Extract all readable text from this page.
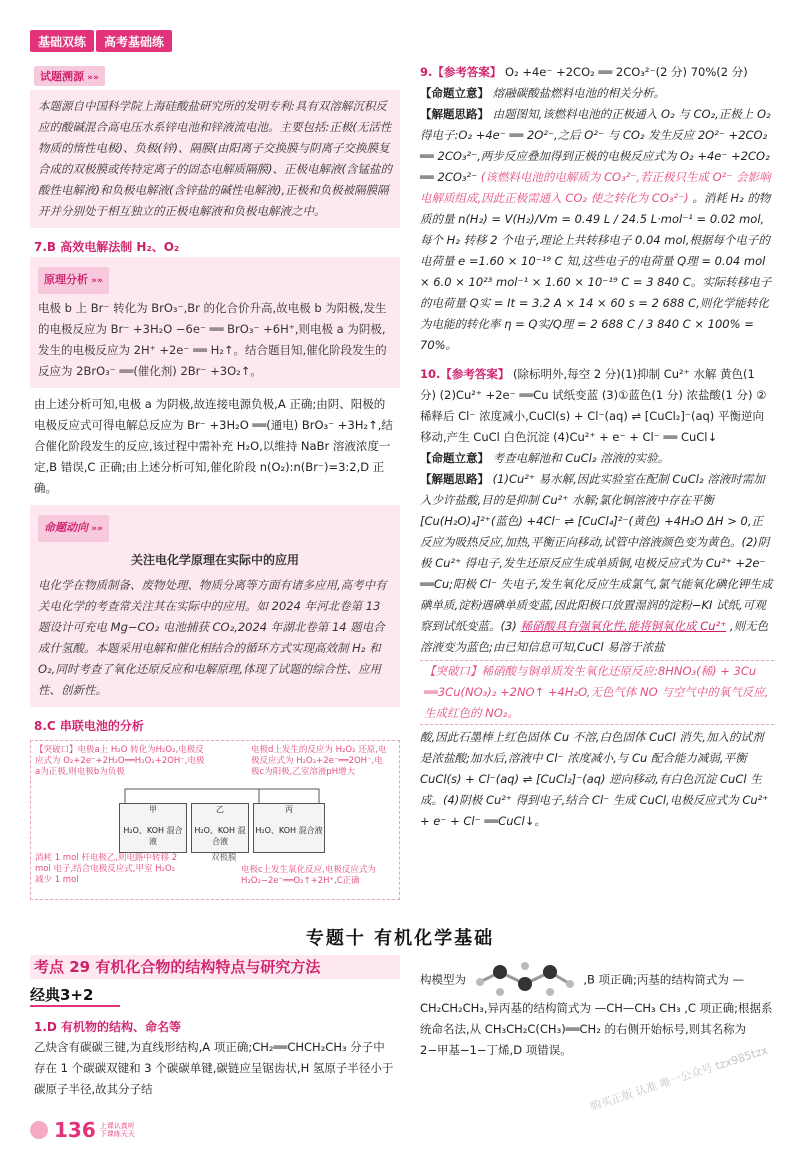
基础双练	高考基础练
试题溯源 »»
本题源自中国科学院上海硅酸盐研究所的发明专利:具有双溶解沉积反应的酸碱混合高电压水系锌电池和锌液流电池。主要包括:正极(无活性物质的惰性电极)、负极(锌)、隔膜(由阳离子交换膜与阴离子交换膜复合成的双极膜或传特定离子的固态电解质隔膜)、正极电解液(含锰盐的酸性电解液)和负极电解液(含锌盐的碱性电解液),正极和负极被隔膜隔开并分别处于相互独立的正极电解液和负极电解液之中。
7.B 高效电解法制 H₂、O₂
原理分析 »»
电极 b 上 Br⁻ 转化为 BrO₃⁻,Br 的化合价升高,故电极 b 为阳极,发生的电极反应为 Br⁻ +3H₂O −6e⁻ ══ BrO₃⁻ +6H⁺,则电极 a 为阴极,发生的电极反应为 2H⁺ +2e⁻ ══ H₂↑。结合题目知,催化阶段发生的反应为 2BrO₃⁻ ══(催化剂) 2Br⁻ +3O₂↑。
由上述分析可知,电极 a 为阴极,故连接电源负极,A 正确;由阴、阳极的电极反应式可得电解总反应为 Br⁻ +3H₂O ══(通电) BrO₃⁻ +3H₂↑,结合催化阶段发生的反应,该过程中需补充 H₂O,以维持 NaBr 溶液浓度一定,B 错误,C 正确;由上述分析可知,催化阶段 n(O₂):n(Br⁻)=3:2,D 正确。
命题动向 »»
关注电化学原理在实际中的应用
电化学在物质制备、废物处理、物质分离等方面有诸多应用,高考中有关电化学的考查常关注其在实际中的应用。如 2024 年河北卷第 13 题设计可充电 Mg−CO₂ 电池捕获 CO₂,2024 年湖北卷第 14 题电合成什氢酸。本题采用电解和催化相结合的循环方式实现高效制 H₂ 和 O₂,同时考查了氧化还原反应和电解原理,体现了试题的综合性、应用性、创新性。
8.C 串联电池的分析
【突破口】电极a上 H₂O 转化为H₂O₂,电极反应式为 O₂+2e⁻+2H₂O══H₂O₂+2OH⁻,电极a为正极,则电极b为负极
电极d上发生的反应为 H₂O₂ 还原,电极反应式为 H₂O₂+2e⁻══2OH⁻,电极c为阳极,乙室溶液pH增大
甲
H₂O、KOH 混合液
乙
H₂O、KOH 混合液
丙
H₂O、KOH 混合液
双极膜
消耗 1 mol 杆电极乙,则电路中转移 2 mol 电子,结合电极反应式,甲室 H₂O₂ 减少 1 mol
电极c上发生氧化反应,电极反应式为 H₂O₂−2e⁻══O₂↑+2H⁺,C正确
9.【参考答案】 O₂ +4e⁻ +2CO₂ ══ 2CO₃²⁻(2 分) 70%(2 分)
【命题立意】 熔融碳酸盐燃料电池的相关分析。
【解题思路】 由题图知,该燃料电池的正极通入 O₂ 与 CO₂,正极上 O₂ 得电子:O₂ +4e⁻ ══ 2O²⁻,之后 O²⁻ 与 CO₂ 发生反应 2O²⁻ +2CO₂ ══ 2CO₃²⁻,两步反应叠加得到正极的电极反应式为 O₂ +4e⁻ +2CO₂ ══ 2CO₃²⁻ (该燃料电池的电解质为 CO₃²⁻,若正极只生成 O²⁻ 会影响电解质组成,因此正极需通入 CO₂ 使之转化为 CO₃²⁻) 。消耗 H₂ 的物质的量 n(H₂) = V(H₂)/Vm = 0.49 L / 24.5 L·mol⁻¹ = 0.02 mol,每个 H₂ 转移 2 个电子,理论上共转移电子 0.04 mol,根据每个电子的电荷量 e =1.60 × 10⁻¹⁹ C 知,这些电子的电荷量 Q理 = 0.04 mol × 6.0 × 10²³ mol⁻¹ × 1.60 × 10⁻¹⁹ C = 3 840 C。实际转移电子的电荷量 Q实 = It = 3.2 A × 14 × 60 s = 2 688 C,则化学能转化为电能的转化率 η = Q实/Q理 = 2 688 C / 3 840 C × 100% = 70%。
10.【参考答案】 (除标明外,每空 2 分)(1)抑制 Cu²⁺ 水解 黄色(1 分) (2)Cu²⁺ +2e⁻ ══Cu 试纸变蓝 (3)①蓝色(1 分) 浓盐酸(1 分) ②稀释后 Cl⁻ 浓度减小,CuCl(s) + Cl⁻(aq) ⇌ [CuCl₂]⁻(aq) 平衡逆向移动,产生 CuCl 白色沉淀 (4)Cu²⁺ + e⁻ + Cl⁻ ══ CuCl↓
【命题立意】 考查电解池和 CuCl₂ 溶液的实验。
【解题思路】 (1)Cu²⁺ 易水解,因此实验室在配制 CuCl₂ 溶液时需加入少许盐酸,目的是抑制 Cu²⁺ 水解;氯化铜溶液中存在平衡 [Cu(H₂O)₄]²⁺(蓝色) +4Cl⁻ ⇌ [CuCl₄]²⁻(黄色) +4H₂O ΔH > 0,正反应为吸热反应,加热,平衡正向移动,试管中溶液颜色变为黄色。(2)阴极 Cu²⁺ 得电子,发生还原反应生成单质铜,电极反应式为 Cu²⁺ +2e⁻ ══Cu;阳极 Cl⁻ 失电子,发生氧化反应生成氯气,氯气能氧化碘化钾生成碘单质,淀粉遇碘单质变蓝,因此阳极口放置湿润的淀粉−KI 试纸,可观察到试纸变蓝。(3) 稀硝酸具有强氧化性,能将铜氧化成 Cu²⁺ ,则无色溶液变为蓝色;由已知信息可知,CuCl 易溶于浓盐
【突破口】稀硝酸与铜单质发生氧化还原反应:8HNO₃(稀) + 3Cu ══3Cu(NO₃)₂ +2NO↑ +4H₂O,无色气体 NO 与空气中的氧气反应,生成红色的 NO₂。
酸,因此石墨棒上红色固体 Cu 不溶,白色固体 CuCl 消失,加入的试剂是浓盐酸;加水后,溶液中 Cl⁻ 浓度减小,与 Cu 配合能力减弱,平衡 CuCl(s) + Cl⁻(aq) ⇌ [CuCl₂]⁻(aq) 逆向移动,有白色沉淀 CuCl 生成。(4)阴极 Cu²⁺ 得到电子,结合 Cl⁻ 生成 CuCl,电极反应式为 Cu²⁺ + e⁻ + Cl⁻ ══CuCl↓。
专题十 有机化学基础
考点 29 有机化合物的结构特点与研究方法
经典3+2
1.D 有机物的结构、命名等
乙炔含有碳碳三键,为直线形结构,A 项正确;CH₂══CHCH₂CH₃ 分子中存在 1 个碳碳双键和 3 个碳碳单键,碳链应呈锯齿状,H 氢原子半径小于碳原子半径,故其分子结
构模型为	,B 项正确;丙基的结构简式为 —CH₂CH₂CH₃,异丙基的结构简式为 —CH—CH₃ CH₃ ,C 项正确;根据系统命名法,从 CH₃CH₂C(CH₃)══CH₂ 的右侧开始标号,则其名称为 2−甲基−1−丁烯,D 项错误。	购买正版 认准 唯一公众号 tzx985tzx
136 上课认真听
下课练天天
